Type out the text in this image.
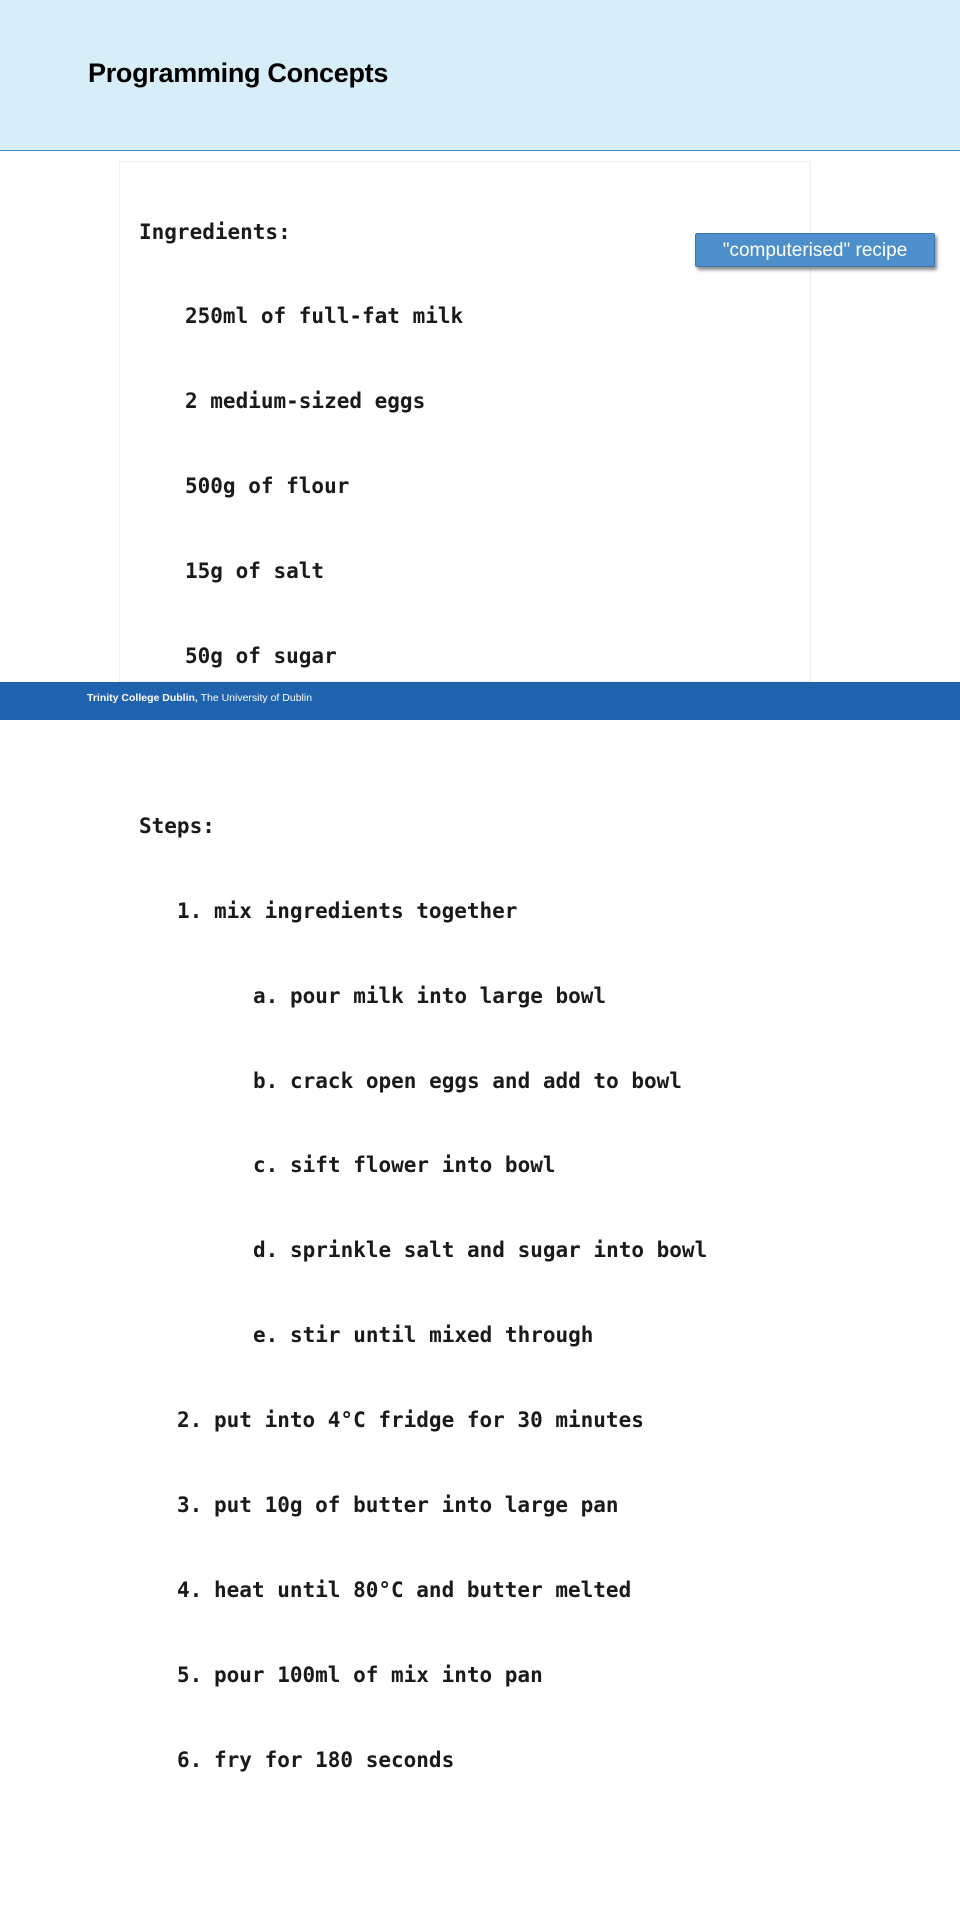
Programming Concepts

Ingredients:

250ml of full-fat milk

2 medium-sized eggs

500g of flour

15g of salt

50g of sugar

Steps:

1. mix ingredients together

a. pour milk into large bowl

b. crack open eggs and add to bowl

c. sift flower into bowl

d. sprinkle salt and sugar into bowl

e. stir until mixed through

2. put into 4°C fridge for 30 minutes

3. put 10g of butter into large pan

4. heat until 80°C and butter melted

5. pour 100ml of mix into pan

6. fry for 180 seconds

"computerised" recipe
Trinity College Dublin, The University of Dublin
